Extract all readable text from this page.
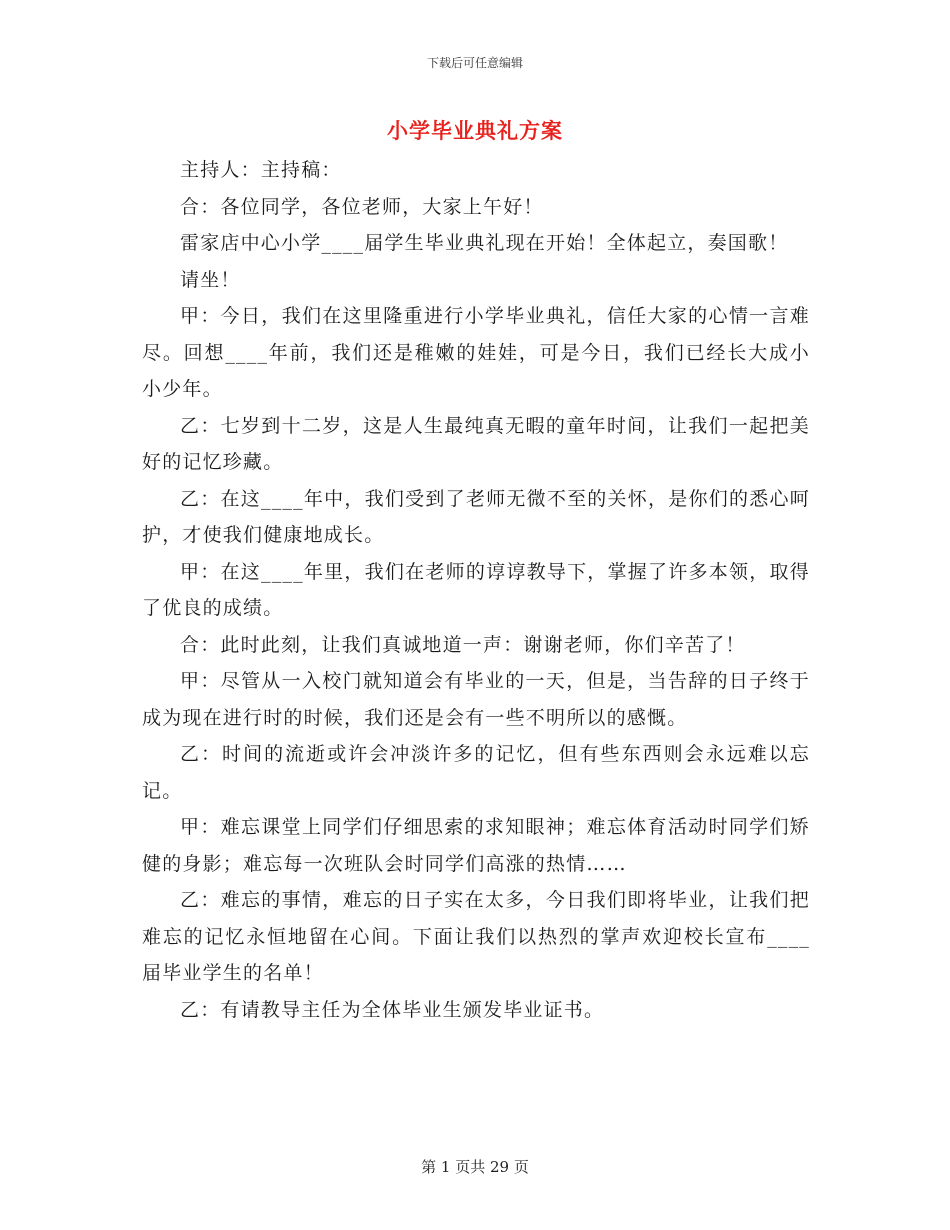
下载后可任意编辑
小学毕业典礼方案

主持人：主持稿：

合：各位同学，各位老师，大家上午好！

雷家店中心小学____届学生毕业典礼现在开始！全体起立，奏国歌！

请坐！

甲：今日，我们在这里隆重进行小学毕业典礼，信任大家的心情一言难尽。回想____年前，我们还是稚嫩的娃娃，可是今日，我们已经长大成小小少年。

乙：七岁到十二岁，这是人生最纯真无暇的童年时间，让我们一起把美好的记忆珍藏。

乙：在这____年中，我们受到了老师无微不至的关怀，是你们的悉心呵护，才使我们健康地成长。

甲：在这____年里，我们在老师的谆谆教导下，掌握了许多本领，取得了优良的成绩。

合：此时此刻，让我们真诚地道一声：谢谢老师，你们辛苦了！

甲：尽管从一入校门就知道会有毕业的一天，但是，当告辞的日子终于成为现在进行时的时候，我们还是会有一些不明所以的感慨。

乙：时间的流逝或许会冲淡许多的记忆，但有些东西则会永远难以忘记。

甲：难忘课堂上同学们仔细思索的求知眼神；难忘体育活动时同学们矫健的身影；难忘每一次班队会时同学们高涨的热情……

乙：难忘的事情，难忘的日子实在太多，今日我们即将毕业，让我们把难忘的记忆永恒地留在心间。下面让我们以热烈的掌声欢迎校长宣布____届毕业学生的名单！

乙：有请教导主任为全体毕业生颁发毕业证书。

第 1 页共 29 页
